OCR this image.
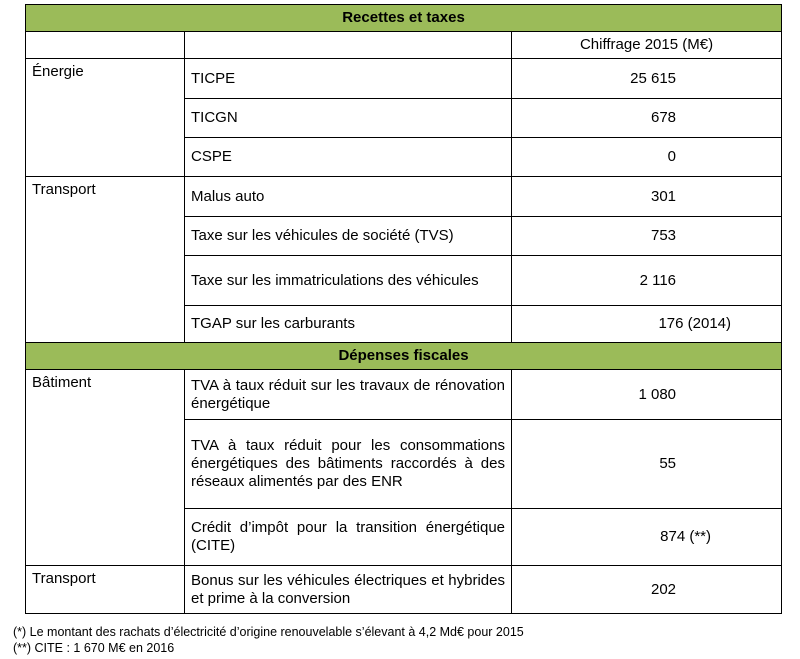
Recettes et taxes		
		Chiffrage 2015 (M€)
Énergie	TICPE	25 615
	TICGN	678
	CSPE	0
Transport	Malus auto	301
	Taxe sur les véhicules de société (TVS)	753
	Taxe sur les immatriculations des véhicules	2 116
	TGAP sur les carburants	176 (2014)
Dépenses fiscales		
Bâtiment	TVA à taux réduit sur les travaux de rénovation énergétique	1 080
	TVA à taux réduit pour les consommations énergétiques des bâtiments raccordés à des réseaux alimentés par des ENR	55
	Crédit d’impôt pour la transition énergétique (CITE)	874 (**)
Transport	Bonus sur les véhicules électriques et hybrides et prime à la conversion	202
(*) Le montant des rachats d’électricité d’origine renouvelable s’élevant à 4,2 Md€ pour 2015
(**) CITE : 1 670 M€ en 2016
